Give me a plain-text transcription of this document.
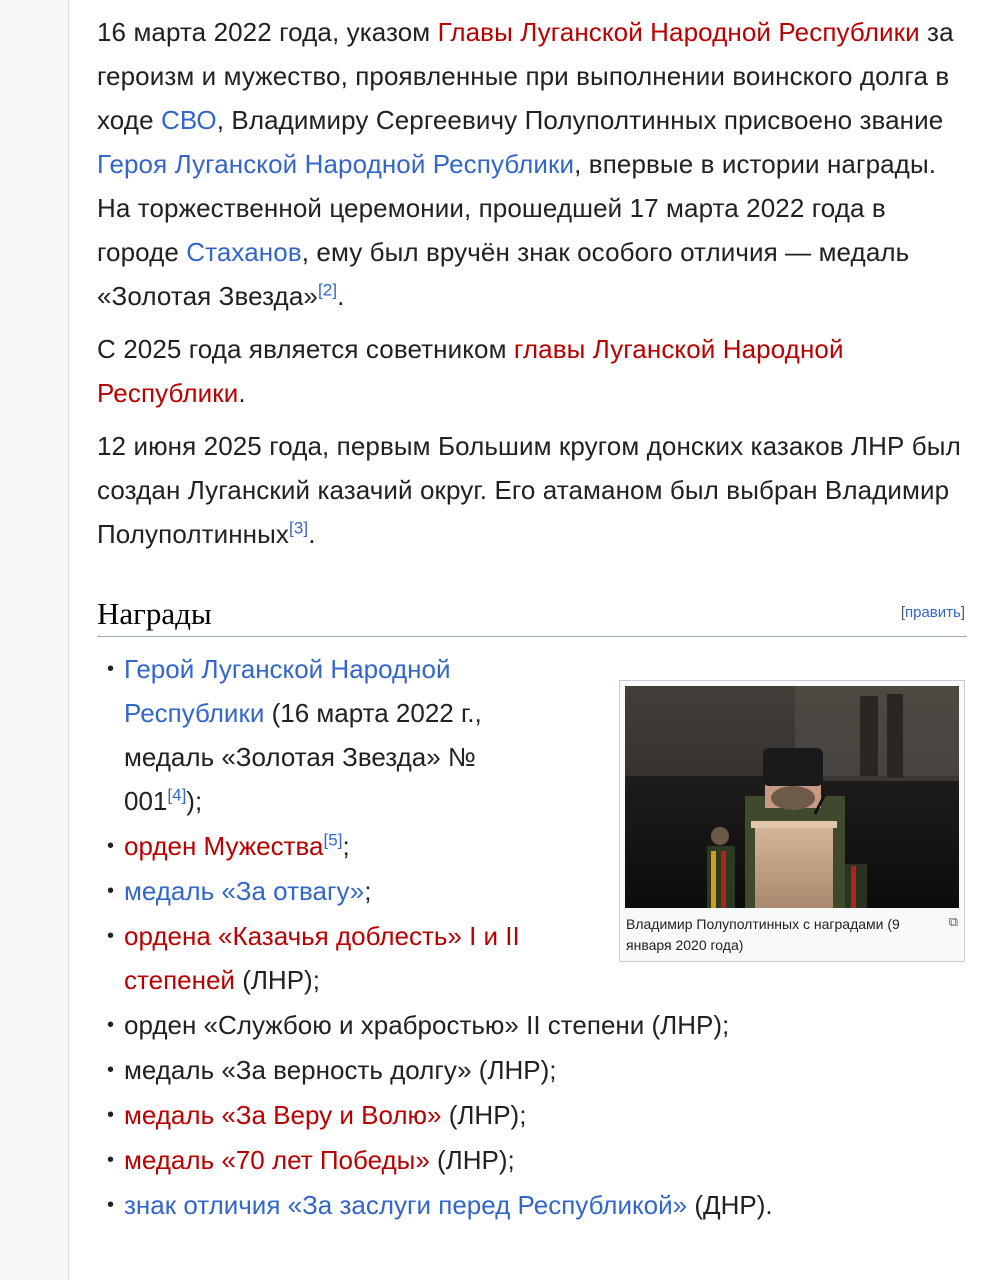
16 марта 2022 года, указом Главы Луганской Народной Республики за героизм и мужество, проявленные при выполнении воинского долга в ходе СВО, Владимиру Сергеевичу Полуполтинных присвоено звание Героя Луганской Народной Республики, впервые в истории награды. На торжественной церемонии, прошедшей 17 марта 2022 года в городе Стаханов, ему был вручён знак особого отличия — медаль «Золотая Звезда»[2].

С 2025 года является советником главы Луганской Народной Республики.

12 июня 2025 года, первым Большим кругом донских казаков ЛНР был создан Луганский казачий округ. Его атаманом был выбран Владимир Полуполтинных[3].

Награды	[править]
• Герой Луганской Народной Республики (16 марта 2022 г., медаль «Золотая Звезда» № 001[4]);
• орден Мужества[5];
• медаль «За отвагу»;
• ордена «Казачья доблесть» I и II степеней (ЛНР);
• орден «Службою и храбростью» II степени (ЛНР);
• медаль «За верность долгу» (ЛНР);
• медаль «За Веру и Волю» (ЛНР);
• медаль «70 лет Победы» (ЛНР);
• знак отличия «За заслуги перед Республикой» (ДНР).
Владимир Полуполтинных с наградами (9 января 2020 года)
⧉
